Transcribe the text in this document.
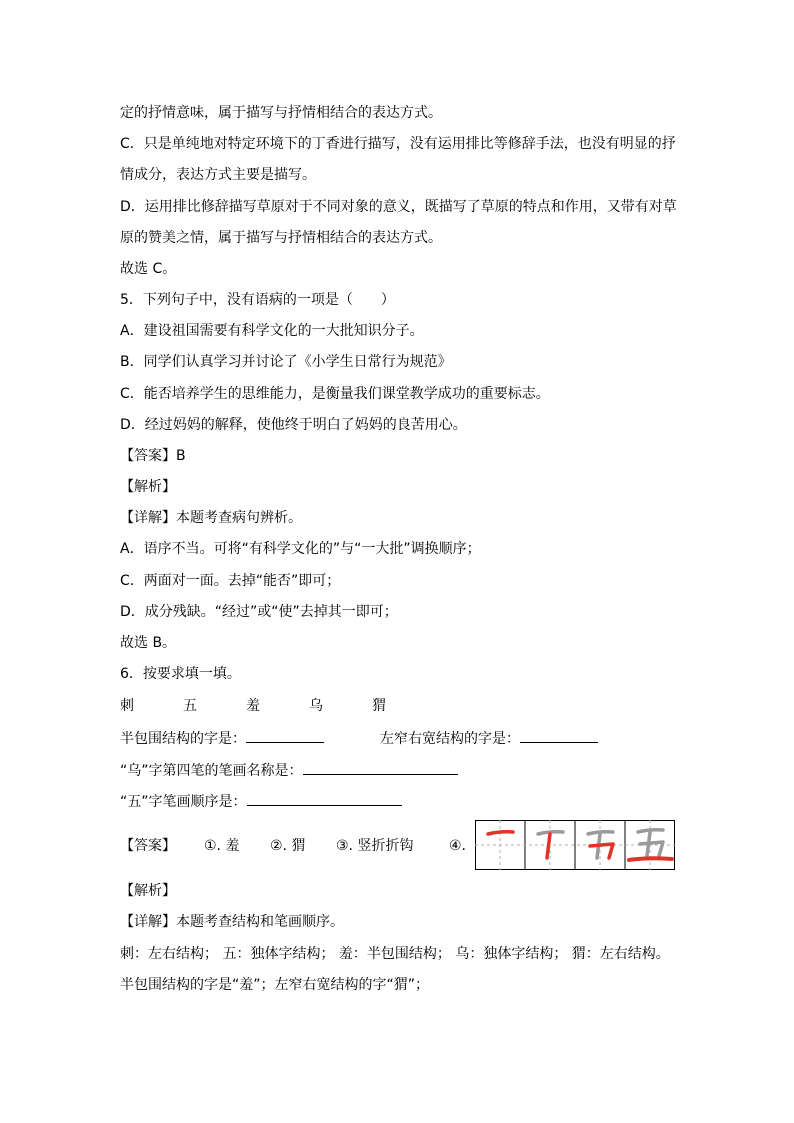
定的抒情意味，属于描写与抒情相结合的表达方式。
C．只是单纯地对特定环境下的丁香进行描写，没有运用排比等修辞手法，也没有明显的抒
情成分，表达方式主要是描写。
D．运用排比修辞描写草原对于不同对象的意义，既描写了草原的特点和作用，又带有对草
原的赞美之情，属于描写与抒情相结合的表达方式。
故选 C。
5．下列句子中，没有语病的一项是（　　）
A．建设祖国需要有科学文化的一大批知识分子。
B．同学们认真学习并讨论了《小学生日常行为规范》
C．能否培养学生的思维能力，是衡量我们课堂教学成功的重要标志。
D．经过妈妈的解释，使他终于明白了妈妈的良苦用心。
【答案】B
【解析】
【详解】本题考查病句辨析。
A．语序不当。可将“有科学文化的”与“一大批”调换顺序；
C．两面对一面。去掉“能否”即可；
D．成分残缺。“经过”或“使”去掉其一即可；
故选 B。
6．按要求填一填。
刺	五	羞	乌	猬
半包围结构的字是：	左窄右宽结构的字是：
“乌”字第四笔的笔画名称是：
“五”字笔画顺序是：
【答案】 ①. 羞 ②. 猬 ③. 竖折折钩	④.
【解析】
【详解】本题考查结构和笔画顺序。
刺：左右结构； 五：独体字结构； 羞：半包围结构； 乌：独体字结构； 猬：左右结构。
半包围结构的字是“羞”；左窄右宽结构的字“猬”；
